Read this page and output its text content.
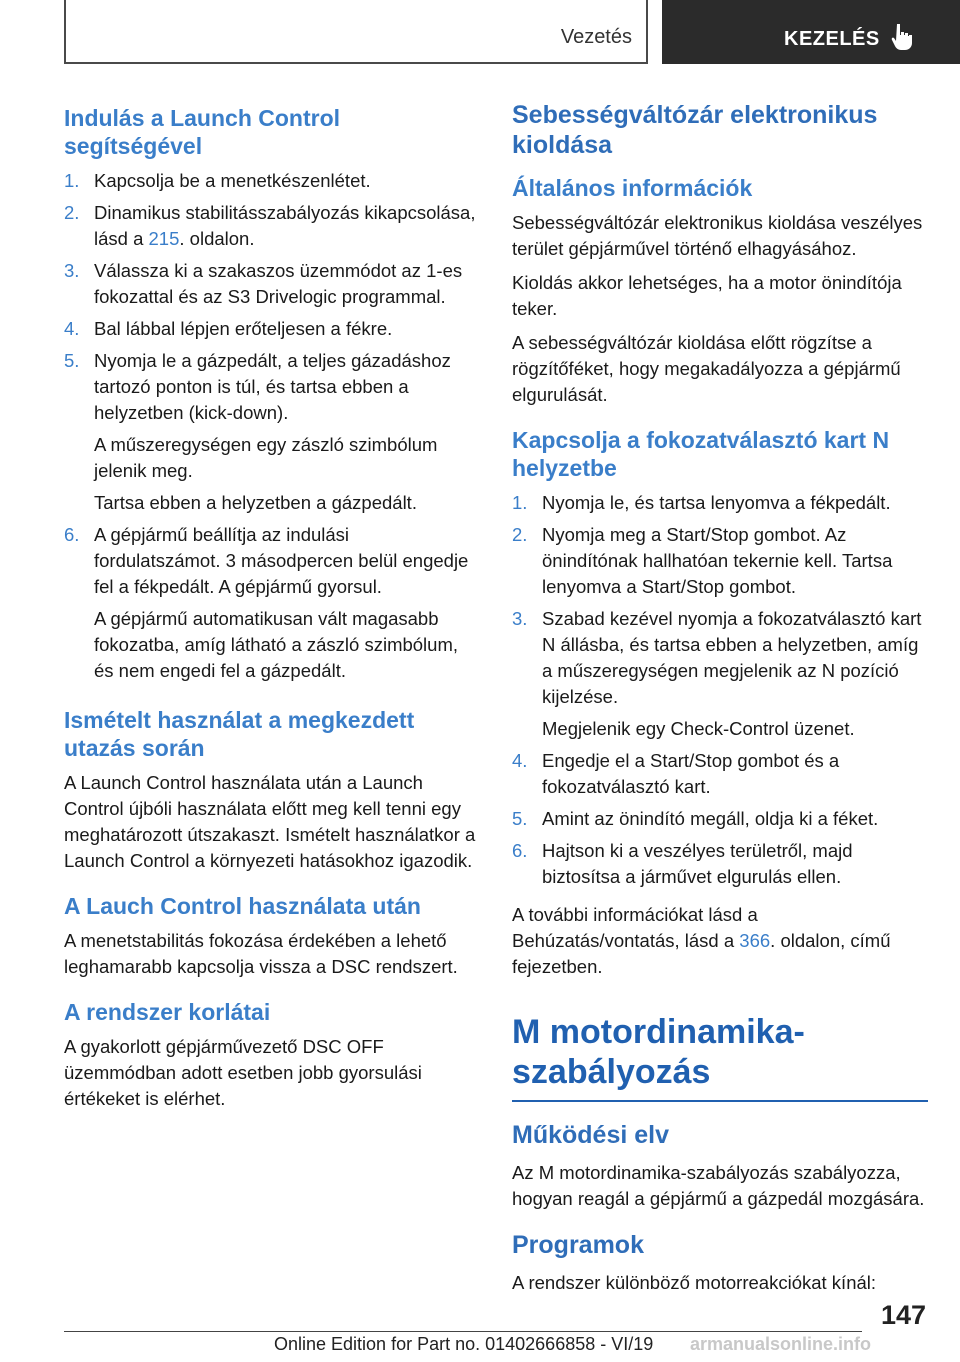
Vezetés	KEZELÉS
Indulás a Launch Control segítségével
1. Kapcsolja be a menetkészenlétet.
2. Dinamikus stabilitásszabályozás kikapcsolása, lásd a 215. oldalon.
3. Válassza ki a szakaszos üzemmódot az 1-es fokozattal és az S3 Drivelogic programmal.
4. Bal lábbal lépjen erőteljesen a fékre.
5. Nyomja le a gázpedált, a teljes gázadáshoz tartozó ponton is túl, és tartsa ebben a helyzetben (kick-down).
A műszeregységen egy zászló szimbólum jelenik meg.
Tartsa ebben a helyzetben a gázpedált.
6. A gépjármű beállítja az indulási fordulatszámot. 3 másodpercen belül engedje fel a fékpedált. A gépjármű gyorsul.
A gépjármű automatikusan vált magasabb fokozatba, amíg látható a zászló szimbólum, és nem engedi fel a gázpedált.
Ismételt használat a megkezdett utazás során

A Launch Control használata után a Launch Control újbóli használata előtt meg kell tenni egy meghatározott útszakaszt. Ismételt használatkor a Launch Control a környezeti hatásokhoz igazodik.

A Lauch Control használata után

A menetstabilitás fokozása érdekében a lehető leghamarabb kapcsolja vissza a DSC rendszert.

A rendszer korlátai

A gyakorlott gépjárművezető DSC OFF üzemmódban adott esetben jobb gyorsulási értékeket is elérhet.

Sebességváltózár elektronikus kioldása
Általános információk

Sebességváltózár elektronikus kioldása veszélyes terület gépjárművel történő elhagyásához.

Kioldás akkor lehetséges, ha a motor önindítója teker.

A sebességváltózár kioldása előtt rögzítse a rögzítőféket, hogy megakadályozza a gépjármű elgurulását.

Kapcsolja a fokozatválasztó kart N helyzetbe
1. Nyomja le, és tartsa lenyomva a fékpedált.
2. Nyomja meg a Start/Stop gombot. Az önindítónak hallhatóan tekernie kell. Tartsa lenyomva a Start/Stop gombot.
3. Szabad kezével nyomja a fokozatválasztó kart N állásba, és tartsa ebben a helyzetben, amíg a műszeregységen megjelenik az N pozíció kijelzése.
Megjelenik egy Check-Control üzenet.
4. Engedje el a Start/Stop gombot és a fokozatválasztó kart.
5. Amint az önindító megáll, oldja ki a féket.
6. Hajtson ki a veszélyes területről, majd biztosítsa a járművet elgurulás ellen.

A további információkat lásd a Behúzatás/vontatás, lásd a 366. oldalon, című fejezetben.

M motordinamika-szabályozás
Működési elv

Az M motordinamika-szabályozás szabályozza, hogyan reagál a gépjármű a gázpedál mozgására.

Programok

A rendszer különböző motorreakciókat kínál:

147
Online Edition for Part no. 01402666858 - VI/19 armanualsonline.info
